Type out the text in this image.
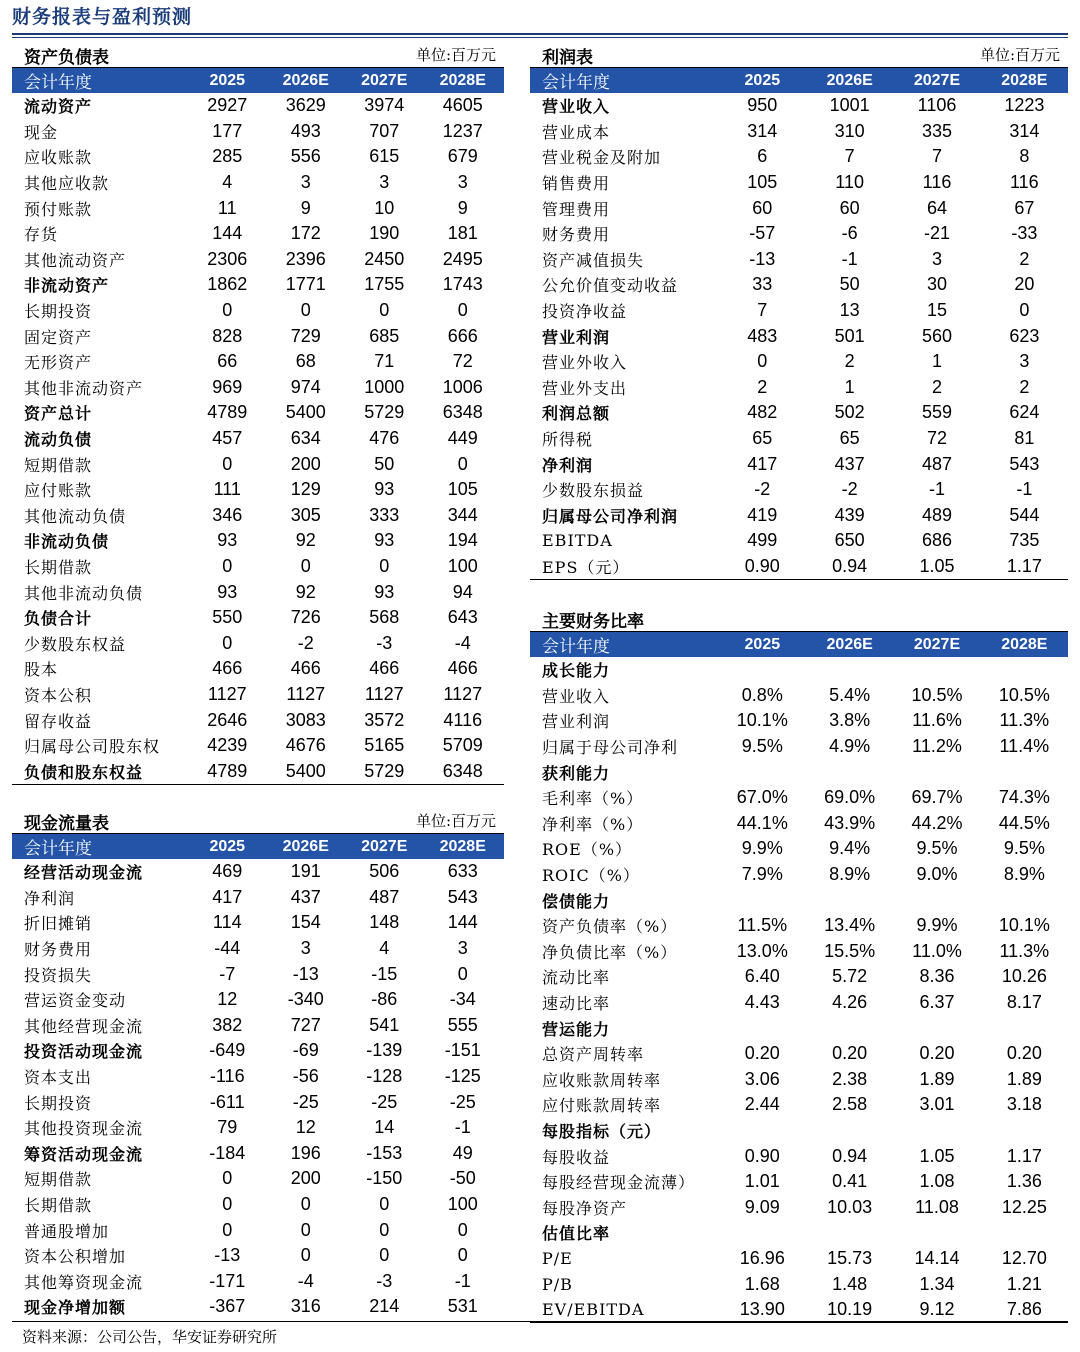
财务报表与盈利预测
资产负债表	单位:百万元
会计年度	2025	2026E	2027E	2028E
流动资产	2927	3629	3974	4605
现金	177	493	707	1237
应收账款	285	556	615	679
其他应收款	4	3	3	3
预付账款	11	9	10	9
存货	144	172	190	181
其他流动资产	2306	2396	2450	2495
非流动资产	1862	1771	1755	1743
长期投资	0	0	0	0
固定资产	828	729	685	666
无形资产	66	68	71	72
其他非流动资产	969	974	1000	1006
资产总计	4789	5400	5729	6348
流动负债	457	634	476	449
短期借款	0	200	50	0
应付账款	111	129	93	105
其他流动负债	346	305	333	344
非流动负债	93	92	93	194
长期借款	0	0	0	100
其他非流动负债	93	92	93	94
负债合计	550	726	568	643
少数股东权益	0	-2	-3	-4
股本	466	466	466	466
资本公积	1127	1127	1127	1127
留存收益	2646	3083	3572	4116
归属母公司股东权	4239	4676	5165	5709
负债和股东权益	4789	5400	5729	6348
利润表	单位:百万元
会计年度	2025	2026E	2027E	2028E
营业收入	950	1001	1106	1223
营业成本	314	310	335	314
营业税金及附加	6	7	7	8
销售费用	105	110	116	116
管理费用	60	60	64	67
财务费用	-57	-6	-21	-33
资产减值损失	-13	-1	3	2
公允价值变动收益	33	50	30	20
投资净收益	7	13	15	0
营业利润	483	501	560	623
营业外收入	0	2	1	3
营业外支出	2	1	2	2
利润总额	482	502	559	624
所得税	65	65	72	81
净利润	417	437	487	543
少数股东损益	-2	-2	-1	-1
归属母公司净利润	419	439	489	544
EBITDA	499	650	686	735
EPS（元）	0.90	0.94	1.05	1.17
主要财务比率
会计年度	2025	2026E	2027E	2028E
成长能力
营业收入	0.8%	5.4%	10.5%	10.5%
营业利润	10.1%	3.8%	11.6%	11.3%
归属于母公司净利	9.5%	4.9%	11.2%	11.4%
获利能力
毛利率（%）	67.0%	69.0%	69.7%	74.3%
净利率（%）	44.1%	43.9%	44.2%	44.5%
ROE（%）	9.9%	9.4%	9.5%	9.5%
ROIC（%）	7.9%	8.9%	9.0%	8.9%
偿债能力
资产负债率（%）	11.5%	13.4%	9.9%	10.1%
净负债比率（%）	13.0%	15.5%	11.0%	11.3%
流动比率	6.40	5.72	8.36	10.26
速动比率	4.43	4.26	6.37	8.17
营运能力
总资产周转率	0.20	0.20	0.20	0.20
应收账款周转率	3.06	2.38	1.89	1.89
应付账款周转率	2.44	2.58	3.01	3.18
每股指标（元）
每股收益	0.90	0.94	1.05	1.17
每股经营现金流薄）	1.01	0.41	1.08	1.36
每股净资产	9.09	10.03	11.08	12.25
估值比率
P/E	16.96	15.73	14.14	12.70
P/B	1.68	1.48	1.34	1.21
EV/EBITDA	13.90	10.19	9.12	7.86
现金流量表	单位:百万元
会计年度	2025	2026E	2027E	2028E
经营活动现金流	469	191	506	633
净利润	417	437	487	543
折旧摊销	114	154	148	144
财务费用	-44	3	4	3
投资损失	-7	-13	-15	0
营运资金变动	12	-340	-86	-34
其他经营现金流	382	727	541	555
投资活动现金流	-649	-69	-139	-151
资本支出	-116	-56	-128	-125
长期投资	-611	-25	-25	-25
其他投资现金流	79	12	14	-1
筹资活动现金流	-184	196	-153	49
短期借款	0	200	-150	-50
长期借款	0	0	0	100
普通股增加	0	0	0	0
资本公积增加	-13	0	0	0
其他筹资现金流	-171	-4	-3	-1
现金净增加额	-367	316	214	531
资料来源：公司公告，华安证券研究所
